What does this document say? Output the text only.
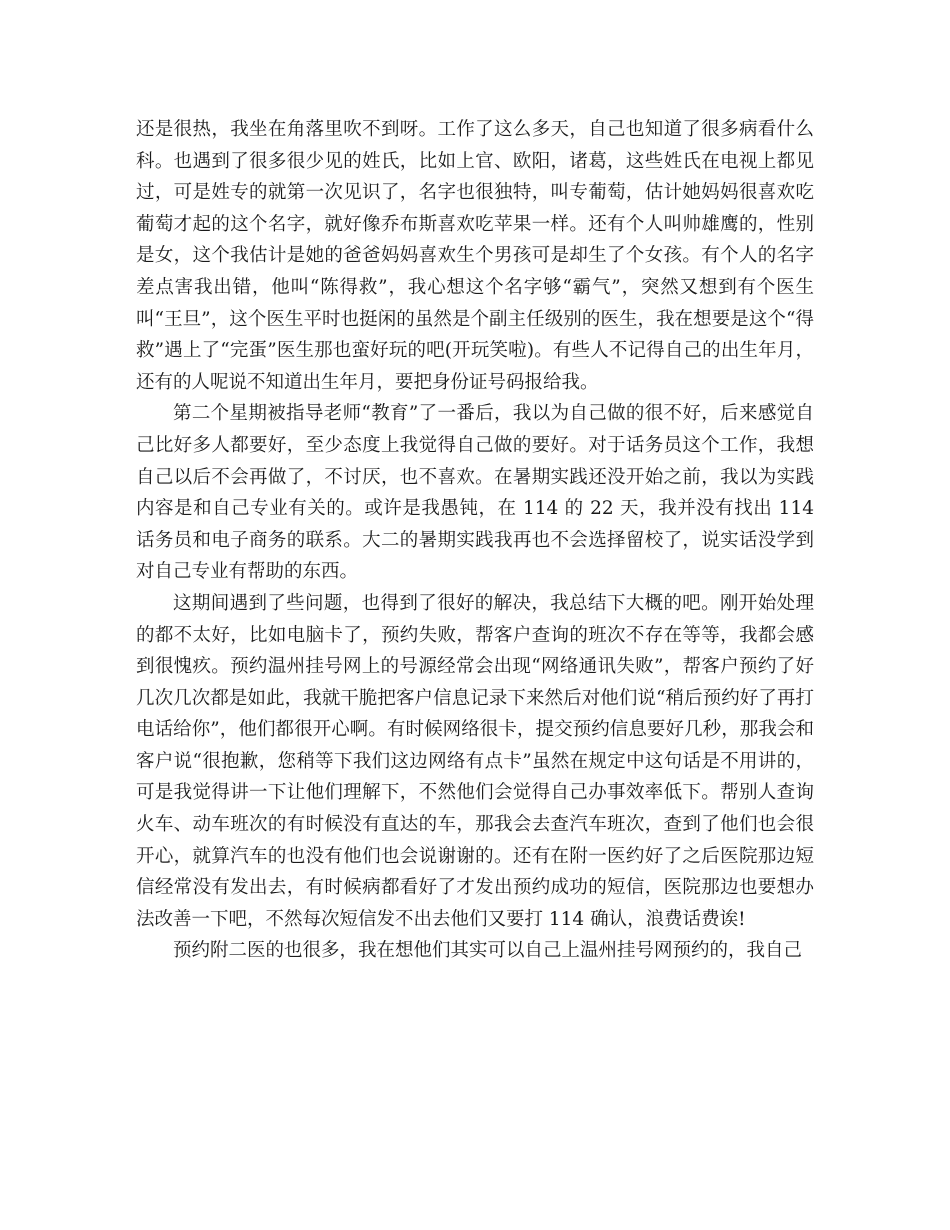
还是很热，我坐在角落里吹不到呀。工作了这么多天，自己也知道了很多病看什么科。也遇到了很多很少见的姓氏，比如上官、欧阳，诸葛，这些姓氏在电视上都见过，可是姓专的就第一次见识了，名字也很独特，叫专葡萄，估计她妈妈很喜欢吃葡萄才起的这个名字，就好像乔布斯喜欢吃苹果一样。还有个人叫帅雄鹰的，性别是女，这个我估计是她的爸爸妈妈喜欢生个男孩可是却生了个女孩。有个人的名字差点害我出错，他叫“陈得救”，我心想这个名字够“霸气”，突然又想到有个医生叫“王旦”，这个医生平时也挺闲的虽然是个副主任级别的医生，我在想要是这个“得救”遇上了“完蛋”医生那也蛮好玩的吧(开玩笑啦)。有些人不记得自己的出生年月，还有的人呢说不知道出生年月，要把身份证号码报给我。

第二个星期被指导老师“教育”了一番后，我以为自己做的很不好，后来感觉自己比好多人都要好，至少态度上我觉得自己做的要好。对于话务员这个工作，我想自己以后不会再做了，不讨厌，也不喜欢。在暑期实践还没开始之前，我以为实践内容是和自己专业有关的。或许是我愚钝，在 114 的 22 天，我并没有找出 114话务员和电子商务的联系。大二的暑期实践我再也不会选择留校了，说实话没学到对自己专业有帮助的东西。

这期间遇到了些问题，也得到了很好的解决，我总结下大概的吧。刚开始处理的都不太好，比如电脑卡了，预约失败，帮客户查询的班次不存在等等，我都会感到很愧疚。预约温州挂号网上的号源经常会出现“网络通讯失败”，帮客户预约了好几次几次都是如此，我就干脆把客户信息记录下来然后对他们说“稍后预约好了再打电话给你”，他们都很开心啊。有时候网络很卡，提交预约信息要好几秒，那我会和客户说“很抱歉，您稍等下我们这边网络有点卡”虽然在规定中这句话是不用讲的，可是我觉得讲一下让他们理解下，不然他们会觉得自己办事效率低下。帮别人查询火车、动车班次的有时候没有直达的车，那我会去查汽车班次，查到了他们也会很开心，就算汽车的也没有他们也会说谢谢的。还有在附一医约好了之后医院那边短信经常没有发出去，有时候病都看好了才发出预约成功的短信，医院那边也要想办法改善一下吧，不然每次短信发不出去他们又要打 114 确认，浪费话费诶!

预约附二医的也很多，我在想他们其实可以自己上温州挂号网预约的，我自己
